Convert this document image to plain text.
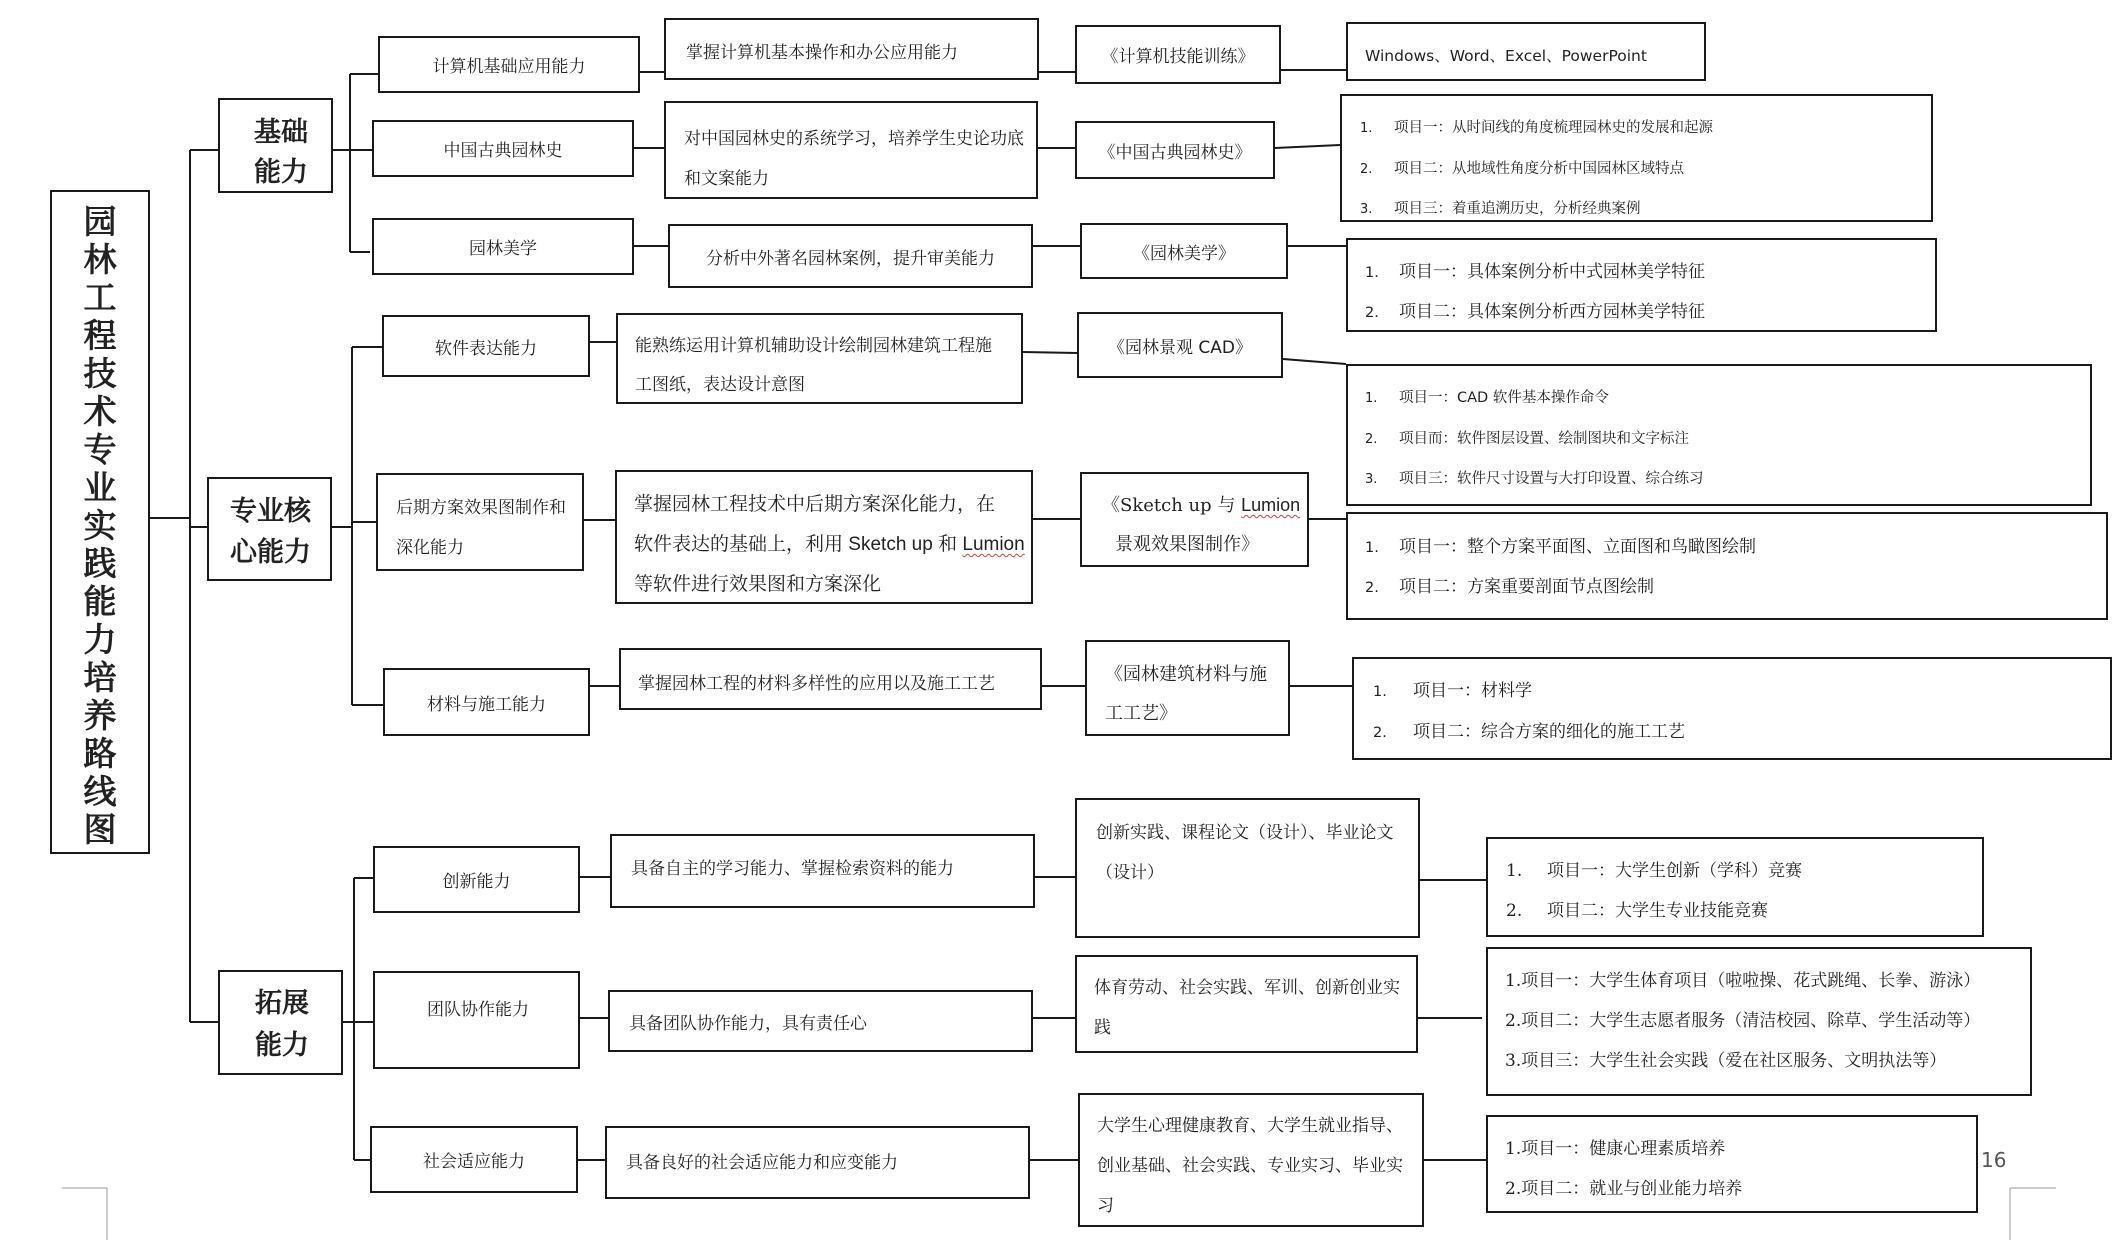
园
林
工
程
技
术
专
业
实
践
能
力
培
养
路
线
图
基础
能力
专业核
心能力
拓展
能力
计算机基础应用能力
中国古典园林史
园林美学
软件表达能力
后期方案效果图制作和
深化能力
材料与施工能力
创新能力
团队协作能力
社会适应能力
掌握计算机基本操作和办公应用能力
对中国园林史的系统学习，培养学生史论功底
和文案能力
分析中外著名园林案例，提升审美能力
能熟练运用计算机辅助设计绘制园林建筑工程施
工图纸，表达设计意图
掌握园林工程技术中后期方案深化能力，在
软件表达的基础上，利用 Sketch up 和 Lumion
等软件进行效果图和方案深化
掌握园林工程的材料多样性的应用以及施工工艺
具备自主的学习能力、掌握检索资料的能力
具备团队协作能力，具有责任心
具备良好的社会适应能力和应变能力
《计算机技能训练》
《中国古典园林史》
《园林美学》
《园林景观 CAD》
《Sketch up 与 Lumion
景观效果图制作》
《园林建筑材料与施
工工艺》
创新实践、课程论文（设计）、毕业论文
（设计）
体育劳动、社会实践、军训、创新创业实
践
大学生心理健康教育、大学生就业指导、
创业基础、社会实践、专业实习、毕业实
习
Windows、Word、Excel、PowerPoint
1. 项目一：从时间线的角度梳理园林史的发展和起源
2. 项目二：从地域性角度分析中国园林区域特点
3. 项目三：着重追溯历史，分析经典案例
1. 项目一：具体案例分析中式园林美学特征
2. 项目二：具体案例分析西方园林美学特征
1. 项目一：CAD 软件基本操作命令
2. 项目而：软件图层设置、绘制图块和文字标注
3. 项目三：软件尺寸设置与大打印设置、综合练习
1. 项目一：整个方案平面图、立面图和鸟瞰图绘制
2. 项目二：方案重要剖面节点图绘制
1. 项目一：材料学
2. 项目二：综合方案的细化的施工工艺
1. 项目一：大学生创新（学科）竞赛
2. 项目二：大学生专业技能竞赛
1.项目一：大学生体育项目（啦啦操、花式跳绳、长拳、游泳）
2.项目二：大学生志愿者服务（清洁校园、除草、学生活动等）
3.项目三：大学生社会实践（爱在社区服务、文明执法等）
1.项目一：健康心理素质培养
2.项目二：就业与创业能力培养
16
